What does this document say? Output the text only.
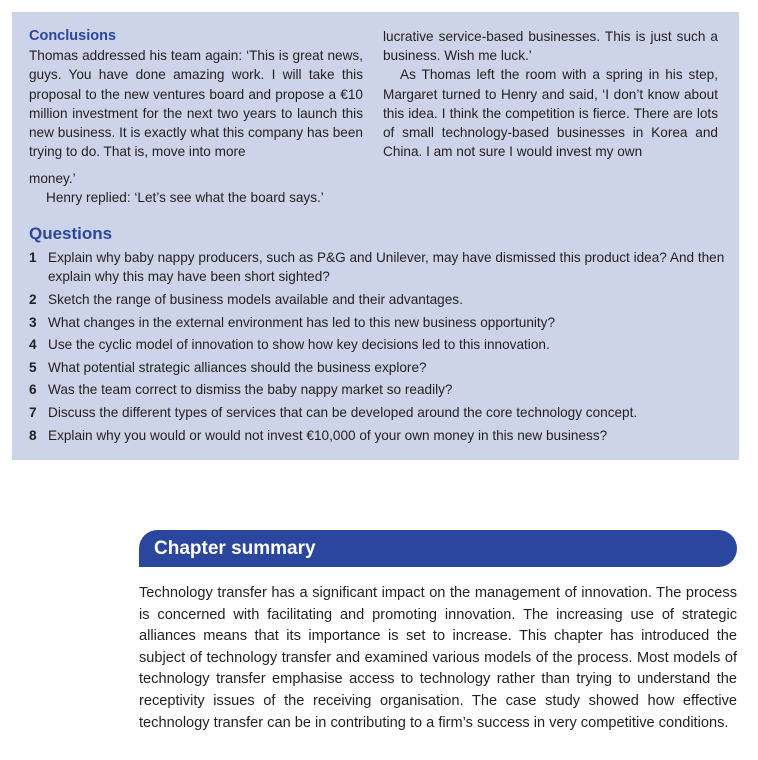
Conclusions

Thomas addressed his team again: ‘This is great news, guys. You have done amazing work. I will take this proposal to the new ventures board and propose a €10 million investment for the next two years to launch this new business. It is exactly what this company has been trying to do. That is, move into more

lucrative service-based businesses. This is just such a business. Wish me luck.’

As Thomas left the room with a spring in his step, Margaret turned to Henry and said, ‘I don’t know about this idea. I think the competition is fierce. There are lots of small technology-based businesses in Korea and China. I am not sure I would invest my own

money.’

Henry replied: ‘Let’s see what the board says.’

Questions
1 Explain why baby nappy producers, such as P&G and Unilever, may have dismissed this product idea? And then explain why this may have been short sighted?
2 Sketch the range of business models available and their advantages.
3 What changes in the external environment has led to this new business opportunity?
4 Use the cyclic model of innovation to show how key decisions led to this innovation.
5 What potential strategic alliances should the business explore?
6 Was the team correct to dismiss the baby nappy market so readily?
7 Discuss the different types of services that can be developed around the core technology concept.
8 Explain why you would or would not invest €10,000 of your own money in this new business?
Chapter summary

Technology transfer has a significant impact on the management of innovation. The process is concerned with facilitating and promoting innovation. The increasing use of strategic alliances means that its importance is set to increase. This chapter has introduced the subject of technology transfer and examined various models of the process. Most models of technology transfer emphasise access to technology rather than trying to understand the receptivity issues of the receiving organisation. The case study showed how effective technology transfer can be in contributing to a firm’s success in very competitive conditions.
